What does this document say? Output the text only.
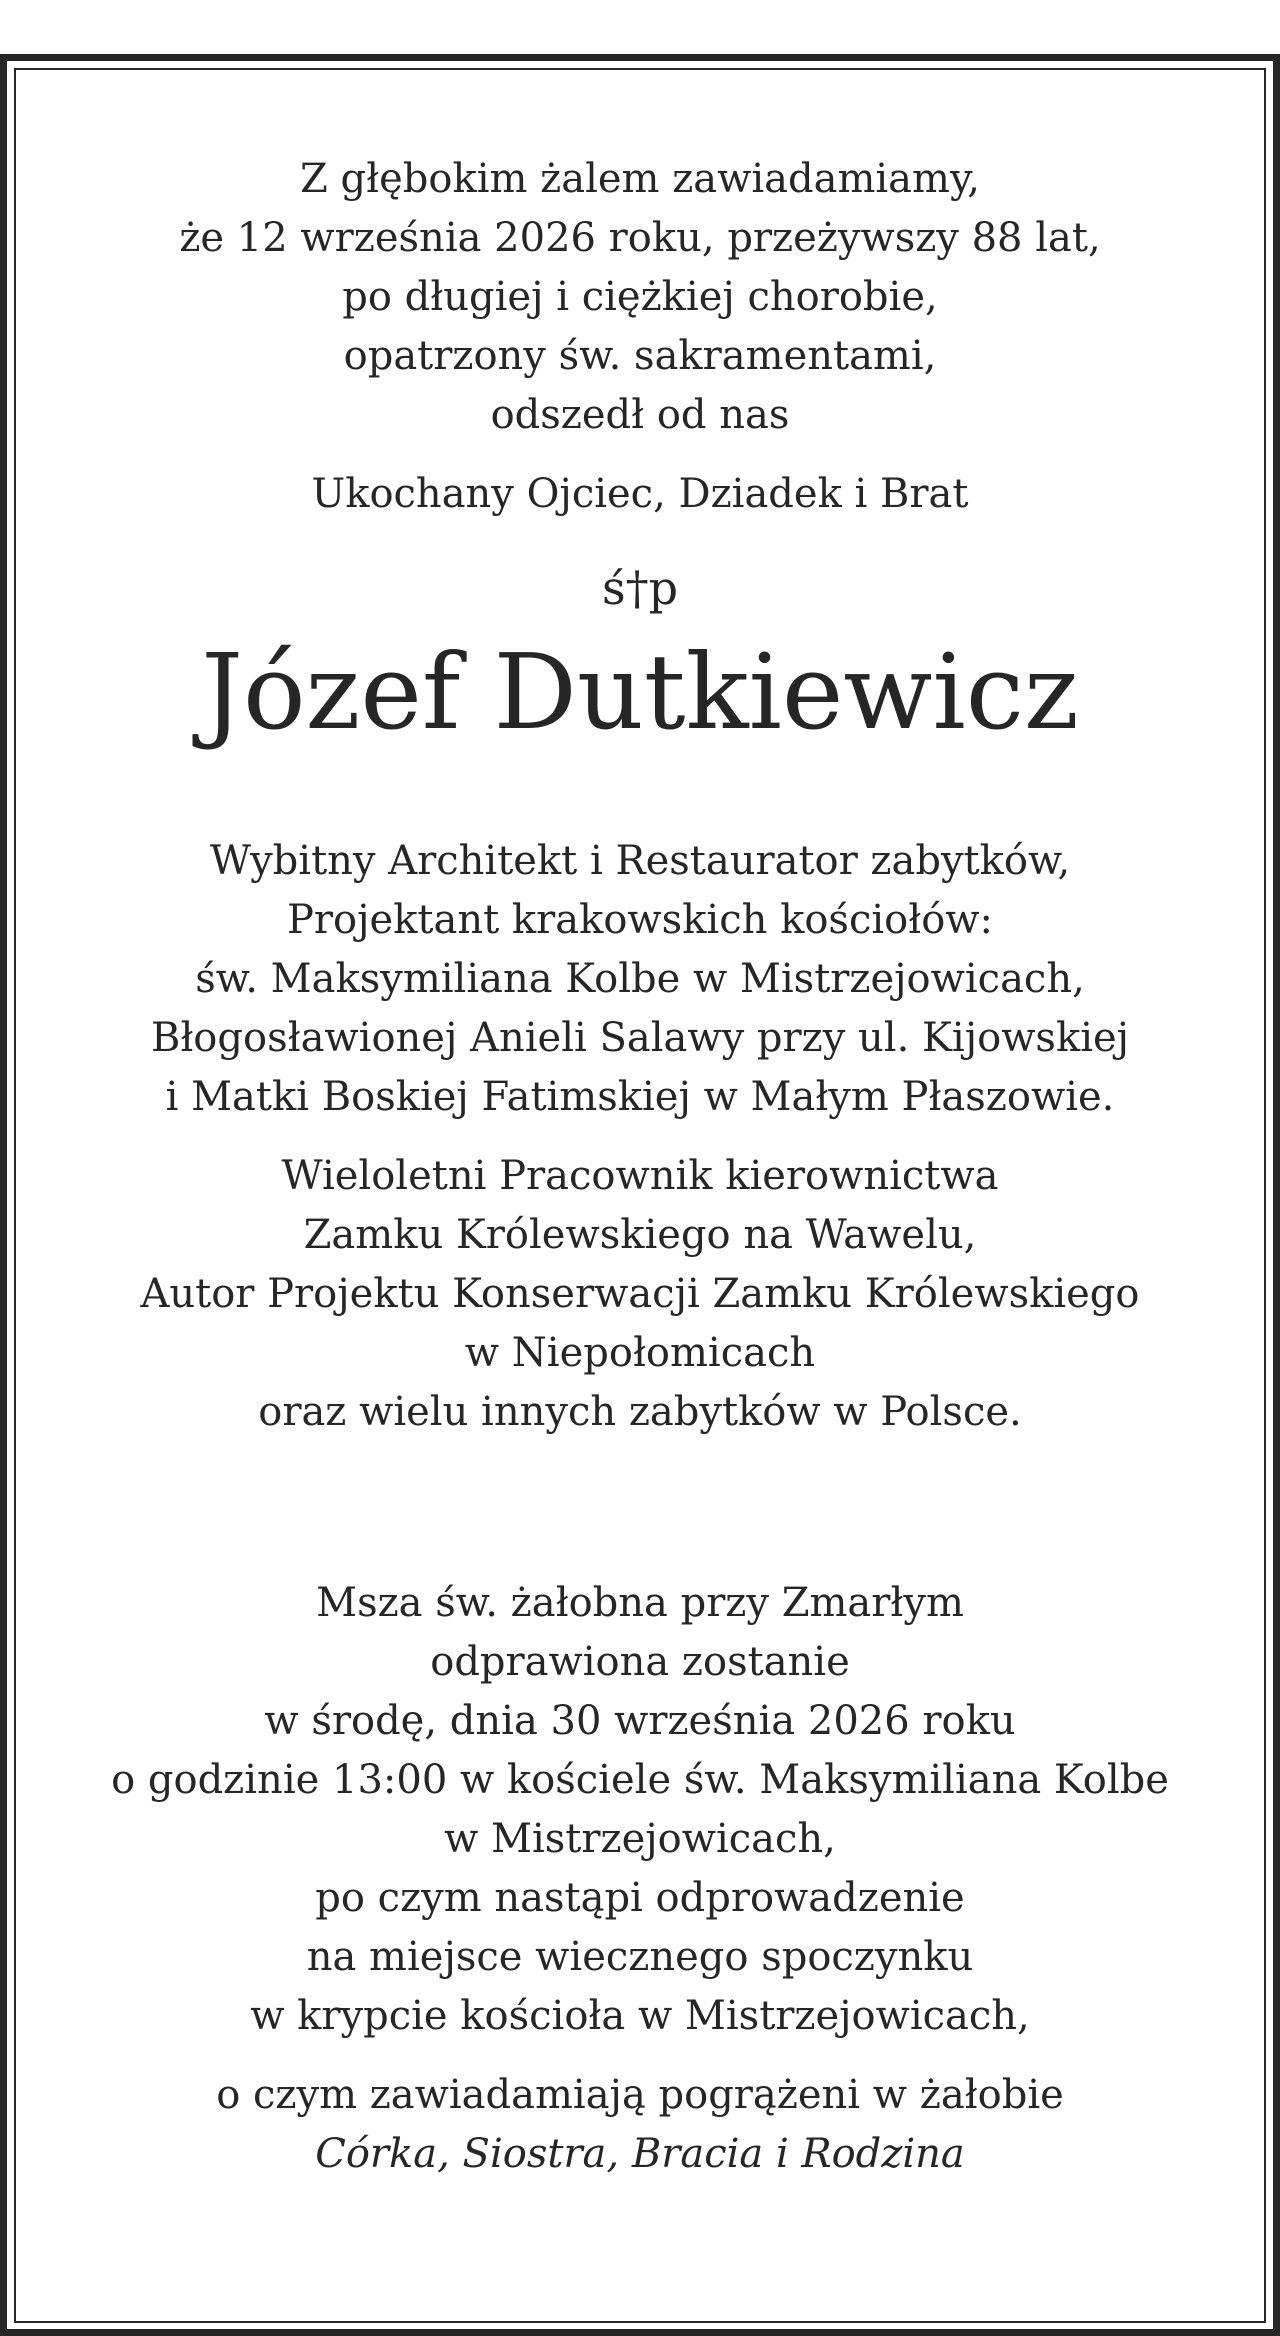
Z głębokim żalem zawiadamiamy,
że 12 września 2026 roku, przeżywszy 88 lat,
po długiej i ciężkiej chorobie,
opatrzony św. sakramentami,
odszedł od nas

Ukochany Ojciec, Dziadek i Brat

ś†p

Józef Dutkiewicz

Wybitny Architekt i Restaurator zabytków,
Projektant krakowskich kościołów:
św. Maksymiliana Kolbe w Mistrzejowicach,
Błogosławionej Anieli Salawy przy ul. Kijowskiej
i Matki Boskiej Fatimskiej w Małym Płaszowie.

Wieloletni Pracownik kierownictwa
Zamku Królewskiego na Wawelu,
Autor Projektu Konserwacji Zamku Królewskiego
w Niepołomicach
oraz wielu innych zabytków w Polsce.

Msza św. żałobna przy Zmarłym
odprawiona zostanie
w środę, dnia 30 września 2026 roku
o godzinie 13:00 w kościele św. Maksymiliana Kolbe
w Mistrzejowicach,
po czym nastąpi odprowadzenie
na miejsce wiecznego spoczynku
w krypcie kościoła w Mistrzejowicach,

o czym zawiadamiają pogrążeni w żałobie

Córka, Siostra, Bracia i Rodzina
